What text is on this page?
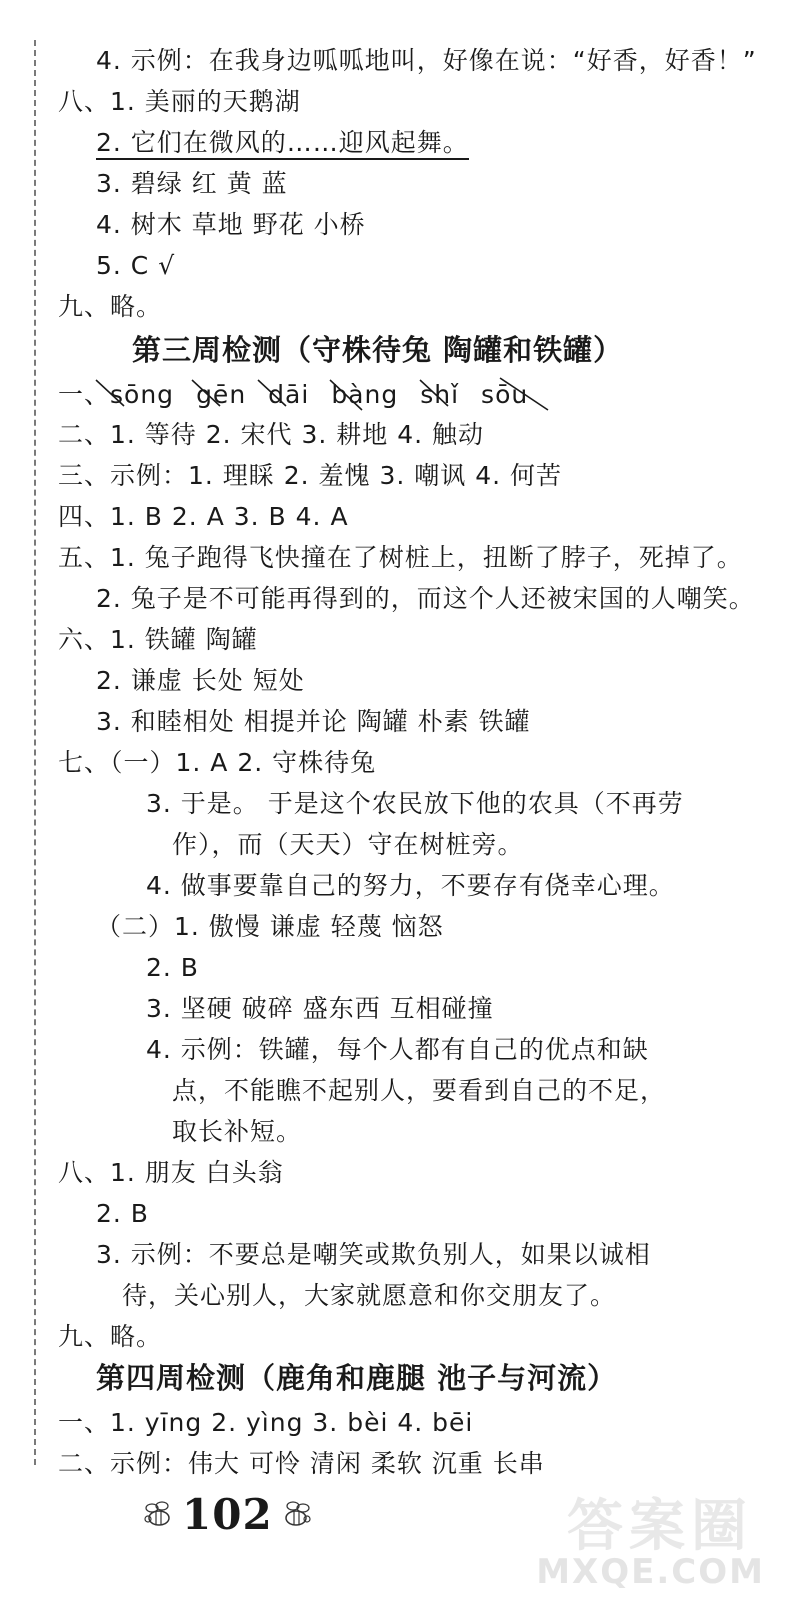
4. 示例：在我身边呱呱地叫，好像在说：“好香，好香！”
八、1. 美丽的天鹅湖
2. 它们在微风的……迎风起舞。
3. 碧绿 红 黄 蓝
4. 树木 草地 野花 小桥
5. C √
九、略。
第三周检测（守株待兔 陶罐和铁罐）
一、sōng gēn dāi bàng shǐ sōu
二、1. 等待 2. 宋代 3. 耕地 4. 触动
三、示例：1. 理睬 2. 羞愧 3. 嘲讽 4. 何苦
四、1. B 2. A 3. B 4. A
五、1. 兔子跑得飞快撞在了树桩上，扭断了脖子，死掉了。
2. 兔子是不可能再得到的，而这个人还被宋国的人嘲笑。
六、1. 铁罐 陶罐
2. 谦虚 长处 短处
3. 和睦相处 相提并论 陶罐 朴素 铁罐
七、（一）1. A 2. 守株待兔
3. 于是。 于是这个农民放下他的农具（不再劳
作），而（天天）守在树桩旁。
4. 做事要靠自己的努力，不要存有侥幸心理。
（二）1. 傲慢 谦虚 轻蔑 恼怒
2. B
3. 坚硬 破碎 盛东西 互相碰撞
4. 示例：铁罐，每个人都有自己的优点和缺
点，不能瞧不起别人，要看到自己的不足，
取长补短。
八、1. 朋友 白头翁
2. B
3. 示例：不要总是嘲笑或欺负别人，如果以诚相
待，关心别人，大家就愿意和你交朋友了。
九、略。
第四周检测（鹿角和鹿腿 池子与河流）
一、1. yīng 2. yìng 3. bèi 4. bēi
二、示例：伟大 可怜 清闲 柔软 沉重 长串
102	答案圈
MXQE.COM
